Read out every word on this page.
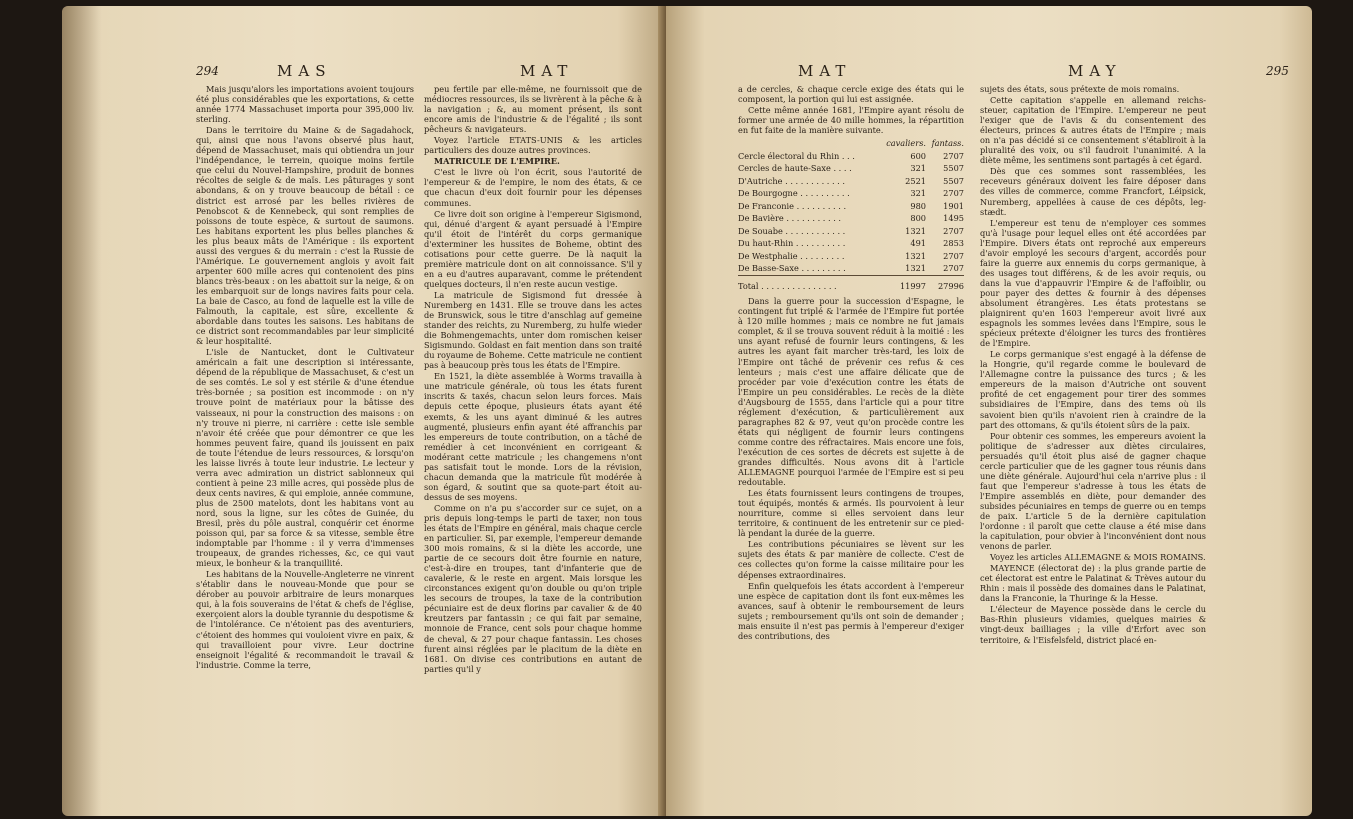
294	MAS	MAT

Mais jusqu'alors les importations avoient toujours été plus considérables que les exportations, & cette année 1774 Massachuset importa pour 395,000 liv. sterling.

Dans le territoire du Maine & de Sagadahock, qui, ainsi que nous l'avons observé plus haut, dépend de Massachuset, mais qui obtiendra un jour l'indépendance, le terrein, quoique moins fertile que celui du Nouvel-Hampshire, produit de bonnes récoltes de seigle & de maïs. Les pâturages y sont abondans, & on y trouve beaucoup de bétail : ce district est arrosé par les belles rivières de Penobscot & de Kennebeck, qui sont remplies de poissons de toute espèce, & surtout de saumons. Les habitans exportent les plus belles planches & les plus beaux mâts de l'Amérique : ils exportent aussi des vergues & du merrain : c'est la Russie de l'Amérique. Le gouvernement anglois y avoit fait arpenter 600 mille acres qui contenoient des pins blancs très-beaux : on les abattoit sur la neige, & on les embarquoit sur de longs navires faits pour cela. La baie de Casco, au fond de laquelle est la ville de Falmouth, la capitale, est sûre, excellente & abordable dans toutes les saisons. Les habitans de ce district sont recommandables par leur simplicité & leur hospitalité.

L'isle de Nantucket, dont le Cultivateur américain a fait une description si intéressante, dépend de la république de Massachuset, & c'est un de ses comtés. Le sol y est stérile & d'une étendue très-bornée ; sa position est incommode : on n'y trouve point de matériaux pour la bâtisse des vaisseaux, ni pour la construction des maisons : on n'y trouve ni pierre, ni carrière : cette isle semble n'avoir été créée que pour démontrer ce que les hommes peuvent faire, quand ils jouissent en paix de toute l'étendue de leurs ressources, & lorsqu'on les laisse livrés à toute leur industrie. Le lecteur y verra avec admiration un district sablonneux qui contient à peine 23 mille acres, qui possède plus de deux cents navires, & qui emploie, année commune, plus de 2500 matelots, dont les habitans vont au nord, sous la ligne, sur les côtes de Guinée, du Bresil, près du pôle austral, conquérir cet énorme poisson qui, par sa force & sa vitesse, semble être indomptable par l'homme : il y verra d'immenses troupeaux, de grandes richesses, &c, ce qui vaut mieux, le bonheur & la tranquillité.

Les habitans de la Nouvelle-Angleterre ne vinrent s'établir dans le nouveau-Monde que pour se dérober au pouvoir arbitraire de leurs monarques qui, à la fois souverains de l'état & chefs de l'église, exerçoient alors la double tyrannie du despotisme & de l'intolérance. Ce n'étoient pas des aventuriers, c'étoient des hommes qui vouloient vivre en paix, & qui travailloient pour vivre. Leur doctrine enseignoit l'égalité & recommandoit le travail & l'industrie. Comme la terre,

peu fertile par elle-même, ne fournissoit que de médiocres ressources, ils se livrèrent à la pêche & à la navigation ; &, au moment présent, ils sont encore amis de l'industrie & de l'égalité ; ils sont pêcheurs & navigateurs.

Voyez l'article ETATS-UNIS & les articles particuliers des douze autres provinces.

MATRICULE DE L'EMPIRE.

C'est le livre où l'on écrit, sous l'autorité de l'empereur & de l'empire, le nom des états, & ce que chacun d'eux doit fournir pour les dépenses communes.

Ce livre doit son origine à l'empereur Sigismond, qui, dénué d'argent & ayant persuadé à l'Empire qu'il étoit de l'intérêt du corps germanique d'exterminer les hussites de Boheme, obtint des cotisations pour cette guerre. De là naquit la première matricule dont on ait connoissance. S'il y en a eu d'autres auparavant, comme le prétendent quelques docteurs, il n'en reste aucun vestige.

La matricule de Sigismond fut dressée à Nuremberg en 1431. Elle se trouve dans les actes de Brunswick, sous le titre d'anschlag auf gemeine stander des reichts, zu Nuremberg, zu hulfe wieder die Bohmengemachts, unter dom romischen keiser Sigismundo. Goldast en fait mention dans son traité du royaume de Boheme. Cette matricule ne contient pas à beaucoup près tous les états de l'Empire.

En 1521, la diète assemblée à Worms travailla à une matricule générale, où tous les états furent inscrits & taxés, chacun selon leurs forces. Mais depuis cette époque, plusieurs états ayant été exemts, & les uns ayant diminué & les autres augmenté, plusieurs enfin ayant été affranchis par les empereurs de toute contribution, on a tâché de remédier à cet inconvénient en corrigeant & modérant cette matricule ; les changemens n'ont pas satisfait tout le monde. Lors de la révision, chacun demanda que la matricule fût modérée à son égard, & soutint que sa quote-part étoit au-dessus de ses moyens.

Comme on n'a pu s'accorder sur ce sujet, on a pris depuis long-temps le parti de taxer, non tous les états de l'Empire en général, mais chaque cercle en particulier. Si, par exemple, l'empereur demande 300 mois romains, & si la diète les accorde, une partie de ce secours doit être fournie en nature, c'est-à-dire en troupes, tant d'infanterie que de cavalerie, & le reste en argent. Mais lorsque les circonstances exigent qu'on double ou qu'on triple les secours de troupes, la taxe de la contribution pécuniaire est de deux florins par cavalier & de 40 kreutzers par fantassin ; ce qui fait par semaine, monnoie de France, cent sols pour chaque homme de cheval, & 27 pour chaque fantassin. Les choses furent ainsi réglées par le placitum de la diète en 1681. On divise ces contributions en autant de parties qu'il y

MAT	MAY	295

a de cercles, & chaque cercle exige des états qui le composent, la portion qui lui est assignée.

Cette même année 1681, l'Empire ayant résolu de former une armée de 40 mille hommes, la répartition en fut faite de la manière suivante.

	cavaliers.	fantass.
Cercle électoral du Rhin . . .	600	2707
Cercles de haute-Saxe . . . .	321	5507
D'Autriche . . . . . . . . . . . .	2521	5507
De Bourgogne . . . . . . . . . .	321	2707
De Franconie . . . . . . . . . .	980	1901
De Bavière . . . . . . . . . . .	800	1495
De Souabe . . . . . . . . . . . .	1321	2707
Du haut-Rhin . . . . . . . . . .	491	2853
De Westphalie . . . . . . . . .	1321	2707
De Basse-Saxe . . . . . . . . .	1321	2707
Total . . . . . . . . . . . . . . .	11997	27996

Dans la guerre pour la succession d'Espagne, le contingent fut triplé & l'armée de l'Empire fut portée à 120 mille hommes ; mais ce nombre ne fut jamais complet, & il se trouva souvent réduit à la moitié : les uns ayant refusé de fournir leurs contingens, & les autres les ayant fait marcher très-tard, les loix de l'Empire ont tâché de prévenir ces refus & ces lenteurs ; mais c'est une affaire délicate que de procéder par voie d'exécution contre les états de l'Empire un peu considérables. Le recès de la diète d'Augsbourg de 1555, dans l'article qui a pour titre réglement d'exécution, & particulièrement aux paragraphes 82 & 97, veut qu'on procède contre les états qui négligent de fournir leurs contingens comme contre des réfractaires. Mais encore une fois, l'exécution de ces sortes de décrets est sujette à de grandes difficultés. Nous avons dit à l'article ALLEMAGNE pourquoi l'armée de l'Empire est si peu redoutable.

Les états fournissent leurs contingens de troupes, tout équipés, montés & armés. Ils pourvoient à leur nourriture, comme si elles servoient dans leur territoire, & continuent de les entretenir sur ce pied-là pendant la durée de la guerre.

Les contributions pécuniaires se lèvent sur les sujets des états & par manière de collecte. C'est de ces collectes qu'on forme la caisse militaire pour les dépenses extraordinaires.

Enfin quelquefois les états accordent à l'empereur une espèce de capitation dont ils font eux-mêmes les avances, sauf à obtenir le remboursement de leurs sujets ; remboursement qu'ils ont soin de demander ; mais ensuite il n'est pas permis à l'empereur d'exiger des contributions, des

sujets des états, sous prétexte de mois romains.

Cette capitation s'appelle en allemand reichs-steuer, capitation de l'Empire. L'empereur ne peut l'exiger que de l'avis & du consentement des électeurs, princes & autres états de l'Empire ; mais on n'a pas décidé si ce consentement s'établiroit à la pluralité des voix, ou s'il faudroit l'unanimité. A la diète même, les sentimens sont partagés à cet égard.

Dès que ces sommes sont rassemblées, les receveurs généraux doivent les faire déposer dans des villes de commerce, comme Francfort, Léipsick, Nuremberg, appellées à cause de ces dépôts, leg-stædt.

L'empereur est tenu de n'employer ces sommes qu'à l'usage pour lequel elles ont été accordées par l'Empire. Divers états ont reproché aux empereurs d'avoir employé les secours d'argent, accordés pour faire la guerre aux ennemis du corps germanique, à des usages tout différens, & de les avoir requis, ou dans la vue d'appauvrir l'Empire & de l'affoiblir, ou pour payer des dettes & fournir à des dépenses absolument étrangères. Les états protestans se plaignirent qu'en 1603 l'empereur avoit livré aux espagnols les sommes levées dans l'Empire, sous le spécieux prétexte d'éloigner les turcs des frontières de l'Empire.

Le corps germanique s'est engagé à la défense de la Hongrie, qu'il regarde comme le boulevard de l'Allemagne contre la puissance des turcs ; & les empereurs de la maison d'Autriche ont souvent profité de cet engagement pour tirer des sommes subsidiaires de l'Empire, dans des tems où ils savoient bien qu'ils n'avoient rien à craindre de la part des ottomans, & qu'ils étoient sûrs de la paix.

Pour obtenir ces sommes, les empereurs avoient la politique de s'adresser aux diètes circulaires, persuadés qu'il étoit plus aisé de gagner chaque cercle particulier que de les gagner tous réunis dans une diète générale. Aujourd'hui cela n'arrive plus : il faut que l'empereur s'adresse à tous les états de l'Empire assemblés en diète, pour demander des subsides pécuniaires en temps de guerre ou en temps de paix. L'article 5 de la dernière capitulation l'ordonne : il paroît que cette clause a été mise dans la capitulation, pour obvier à l'inconvénient dont nous venons de parler.

Voyez les articles ALLEMAGNE & MOIS ROMAINS.

MAYENCE (électorat de) : la plus grande partie de cet électorat est entre le Palatinat & Trèves autour du Rhin : mais il possède des domaines dans le Palatinat, dans la Franconie, la Thuringe & la Hesse.

L'électeur de Mayence possède dans le cercle du Bas-Rhin plusieurs vidamies, quelques mairies & vingt-deux bailliages ; la ville d'Erfort avec son territoire, & l'Eisfelsfeld, district placé en-
